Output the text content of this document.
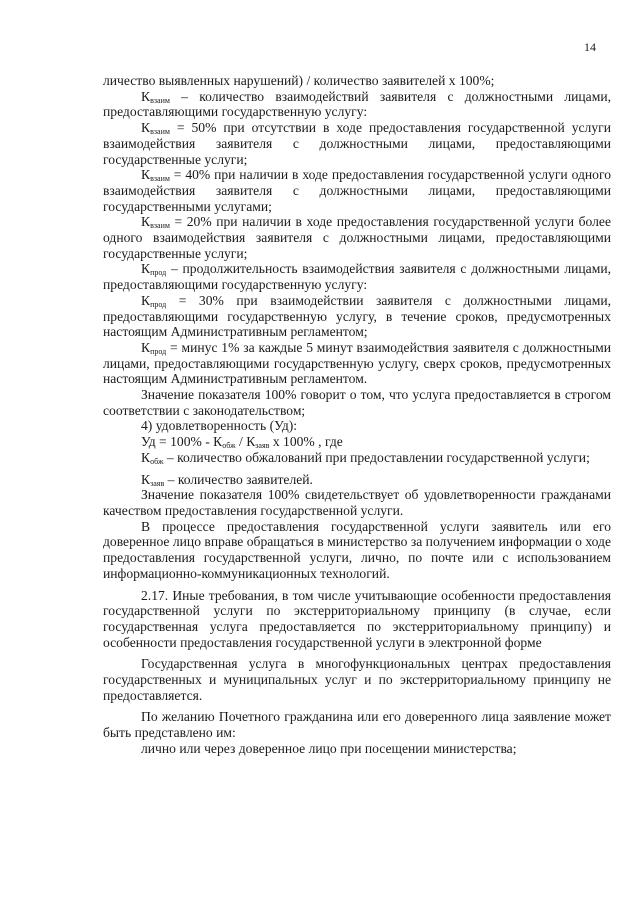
14

личество выявленных нарушений) / количество заявителей х 100%;

$К_{взаим}$ – количество взаимодействий заявителя с должностными лицами, предоставляющими государственную услугу:

$К_{взаим} = 50\%$ при отсутствии в ходе предоставления государственной услуги взаимодействия заявителя с должностными лицами, предоставляющими государственные услуги;

$К_{взаим} = 40\%$ при наличии в ходе предоставления государственной услуги одного взаимодействия заявителя с должностными лицами, предоставляющими государственными услугами;

$К_{взаим} = 20\%$ при наличии в ходе предоставления государственной услуги более одного взаимодействия заявителя с должностными лицами, предоставляющими государственные услуги;

$К_{прод}$ – продолжительность взаимодействия заявителя с должностными лицами, предоставляющими государственную услугу:

$К_{прод} = 30\%$ при взаимодействии заявителя с должностными лицами, предоставляющими государственную услугу, в течение сроков, предусмотренных настоящим Административным регламентом;

$К_{прод}$ = минус 1% за каждые 5 минут взаимодействия заявителя с должностными лицами, предоставляющими государственную услугу, сверх сроков, предусмотренных настоящим Административным регламентом.

Значение показателя 100% говорит о том, что услуга предоставляется в строгом соответствии с законодательством;

4) удовлетворенность (Уд):

Уд = $100\% - К_{обж} / К_{заяв}$ х 100% , где

$К_{обж}$ – количество обжалований при предоставлении государственной услуги;

$К_{заяв}$ – количество заявителей.

Значение показателя 100% свидетельствует об удовлетворенности гражданами качеством предоставления государственной услуги.

В процессе предоставления государственной услуги заявитель или его доверенное лицо вправе обращаться в министерство за получением информации о ходе предоставления государственной услуги, лично, по почте или с использованием информационно-коммуникационных технологий.

2.17. Иные требования, в том числе учитывающие особенности предоставления государственной услуги по экстерриториальному принципу (в случае, если государственная услуга предоставляется по экстерриториальному принципу) и особенности предоставления государственной услуги в электронной форме

Государственная услуга в многофункциональных центрах предоставления государственных и муниципальных услуг и по экстерриториальному принципу не предоставляется.

По желанию Почетного гражданина или его доверенного лица заявление может быть представлено им:

лично или через доверенное лицо при посещении министерства;
